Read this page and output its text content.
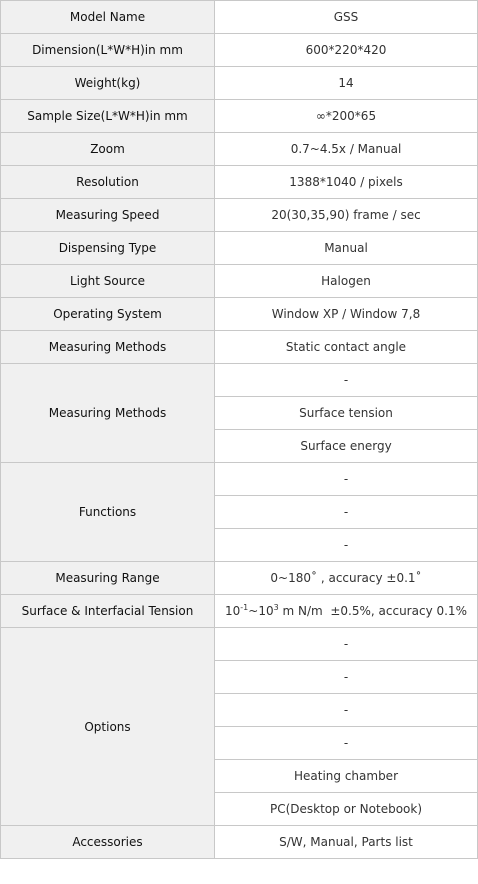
Model Name	GSS
Dimension(L*W*H)in mm	600*220*420
Weight(kg)	14
Sample Size(L*W*H)in mm	∞*200*65
Zoom	0.7~4.5x / Manual
Resolution	1388*1040 / pixels
Measuring Speed	20(30,35,90) frame / sec
Dispensing Type	Manual
Light Source	Halogen
Operating System	Window XP / Window 7,8
Measuring Methods	Static contact angle
Measuring Methods	-
	Surface tension
	Surface energy
Functions	-
	-
	-
Measuring Range	0~180˚ , accuracy ±0.1˚
Surface & Interfacial Tension	$10^{-1}\sim 10^3$ m N/m  ±0.5%, accuracy 0.1%
Options	-
	-
	-
	-
	Heating chamber
	PC(Desktop or Notebook)
Accessories	S/W, Manual, Parts list
